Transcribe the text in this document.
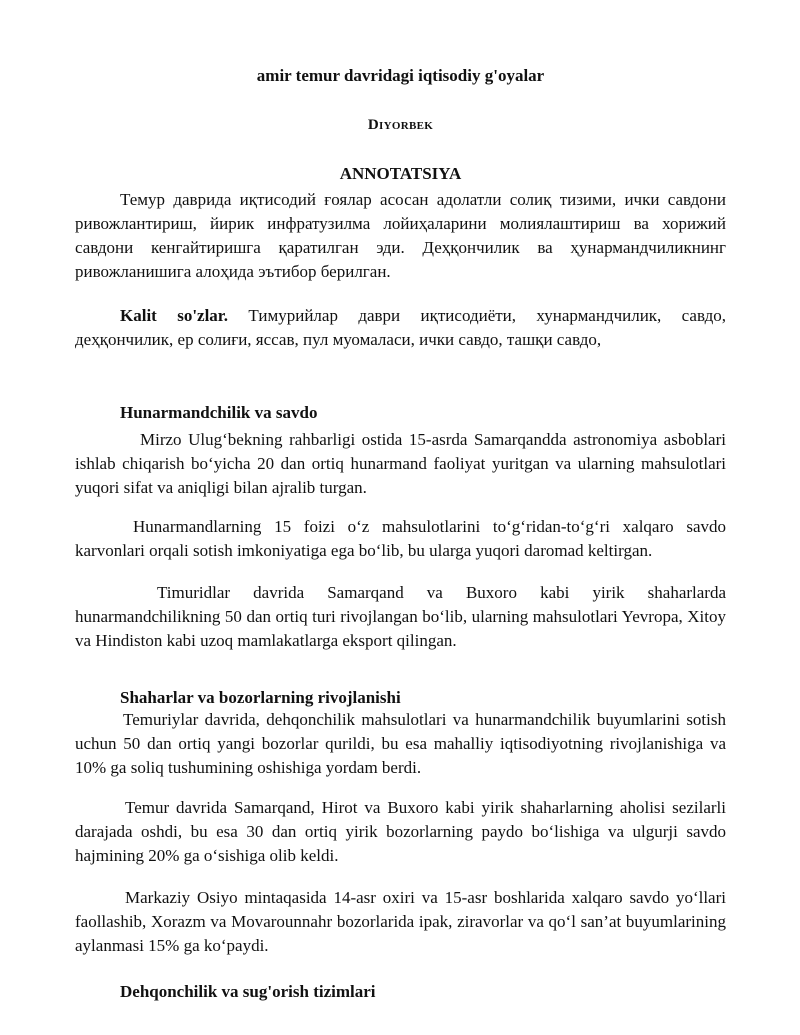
amir temur davridagi iqtisodiy g'oyalar
Diyorbek
ANNOTATSIYA

Темур даврида иқтисодий ғоялар асосан адолатли солиқ тизими, ички савдони ривожлантириш, йирик инфратузилма лойиҳаларини молиялаштириш ва хорижий савдони кенгайтиришга қаратилган эди. Деҳқончилик ва ҳунармандчиликнинг ривожланишига алоҳида эътибор берилган.

Kalit so'zlar. Тимурийлар даври иқтисодиёти, хунармандчилик, савдо, деҳқончилик, ер солиғи, яссав, пул муомаласи, ички савдо, ташқи савдо,

Hunarmandchilik va savdo

Mirzo Ulug‘bekning rahbarligi ostida 15-asrda Samarqandda astronomiya asboblari ishlab chiqarish bo‘yicha 20 dan ortiq hunarmand faoliyat yuritgan va ularning mahsulotlari yuqori sifat va aniqligi bilan ajralib turgan.

Hunarmandlarning 15 foizi o‘z mahsulotlarini to‘g‘ridan-to‘g‘ri xalqaro savdo karvonlari orqali sotish imkoniyatiga ega bo‘lib, bu ularga yuqori daromad keltirgan.

Timuridlar davrida Samarqand va Buxoro kabi yirik shaharlarda hunarmandchilikning 50 dan ortiq turi rivojlangan bo‘lib, ularning mahsulotlari Yevropa, Xitoy va Hindiston kabi uzoq mamlakatlarga eksport qilingan.

Shaharlar va bozorlarning rivojlanishi

Temuriylar davrida, dehqonchilik mahsulotlari va hunarmandchilik buyumlarini sotish uchun 50 dan ortiq yangi bozorlar qurildi, bu esa mahalliy iqtisodiyotning rivojlanishiga va 10% ga soliq tushumining oshishiga yordam berdi.

Temur davrida Samarqand, Hirot va Buxoro kabi yirik shaharlarning aholisi sezilarli darajada oshdi, bu esa 30 dan ortiq yirik bozorlarning paydo bo‘lishiga va ulgurji savdo hajmining 20% ga o‘sishiga olib keldi.

Markaziy Osiyo mintaqasida 14-asr oxiri va 15-asr boshlarida xalqaro savdo yo‘llari faollashib, Xorazm va Movarounnahr bozorlarida ipak, ziravorlar va qo‘l san’at buyumlarining aylanmasi 15% ga ko‘paydi.

Dehqonchilik va sug'orish tizimlari
